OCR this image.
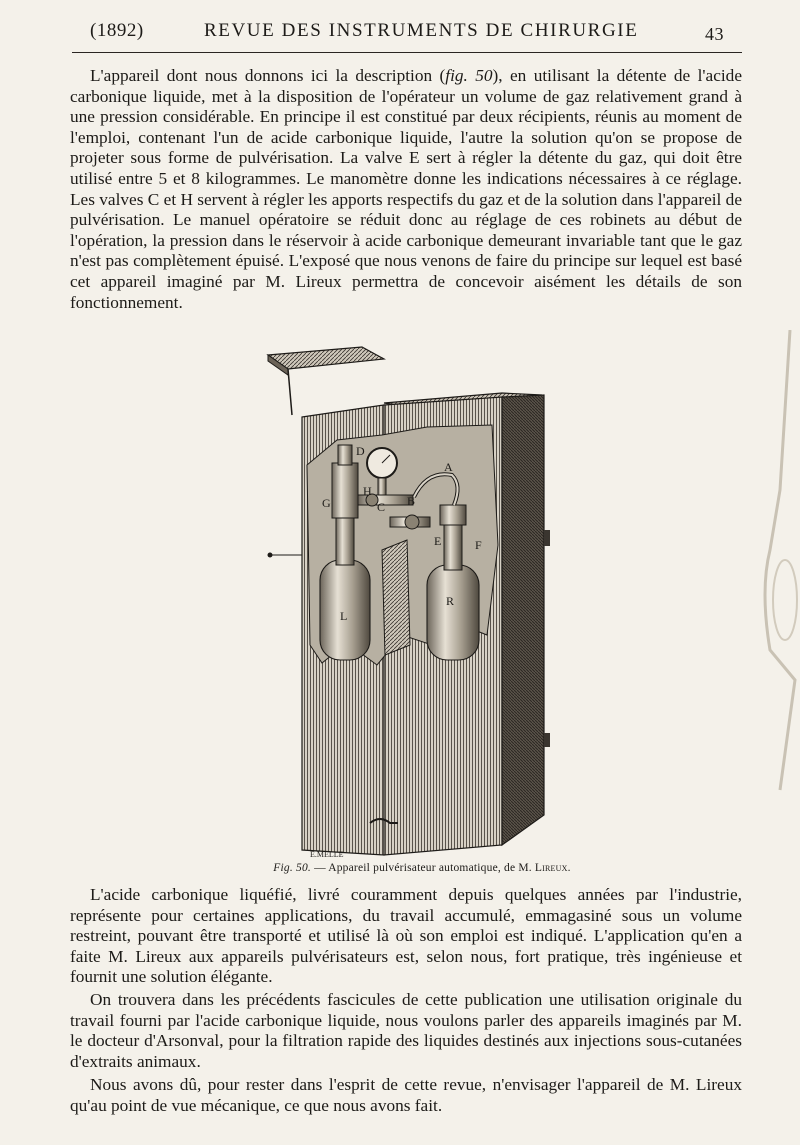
(1892)	REVUE DES INSTRUMENTS DE CHIRURGIE	43

L'appareil dont nous donnons ici la description (fig. 50), en utilisant la détente de l'acide carbonique liquide, met à la disposition de l'opérateur un volume de gaz relativement grand à une pression considérable. En principe il est constitué par deux récipients, réunis au moment de l'emploi, contenant l'un de acide carbonique liquide, l'autre la solution qu'on se propose de projeter sous forme de pulvérisation. La valve E sert à régler la détente du gaz, qui doit être utilisé entre 5 et 8 kilogrammes. Le manomètre donne les indications nécessaires à ce réglage. Les valves C et H servent à régler les apports respectifs du gaz et de la solution dans l'appareil de pulvérisation. Le manuel opératoire se réduit donc au réglage de ces robinets au début de l'opération, la pression dans le réservoir à acide carbonique demeurant invariable tant que le gaz n'est pas complètement épuisé. L'exposé que nous venons de faire du principe sur lequel est basé cet appareil imaginé par M. Lireux permettra de concevoir aisément les détails de son fonctionnement.

D
A
G
H
C B
E	F
L
R
E.MELLE
Fig. 50. — Appareil pulvérisateur automatique, de M. Lireux.

L'acide carbonique liquéfié, livré couramment depuis quelques années par l'industrie, représente pour certaines applications, du travail accumulé, emmagasiné sous un volume restreint, pouvant être transporté et utilisé là où son emploi est indiqué. L'application qu'en a faite M. Lireux aux appareils pulvérisateurs est, selon nous, fort pratique, très ingénieuse et fournit une solution élégante.

On trouvera dans les précédents fascicules de cette publication une utilisation originale du travail fourni par l'acide carbonique liquide, nous voulons parler des appareils imaginés par M. le docteur d'Arsonval, pour la filtration rapide des liquides destinés aux injections sous-cutanées d'extraits animaux.

Nous avons dû, pour rester dans l'esprit de cette revue, n'envisager l'appareil de M. Lireux qu'au point de vue mécanique, ce que nous avons fait.
